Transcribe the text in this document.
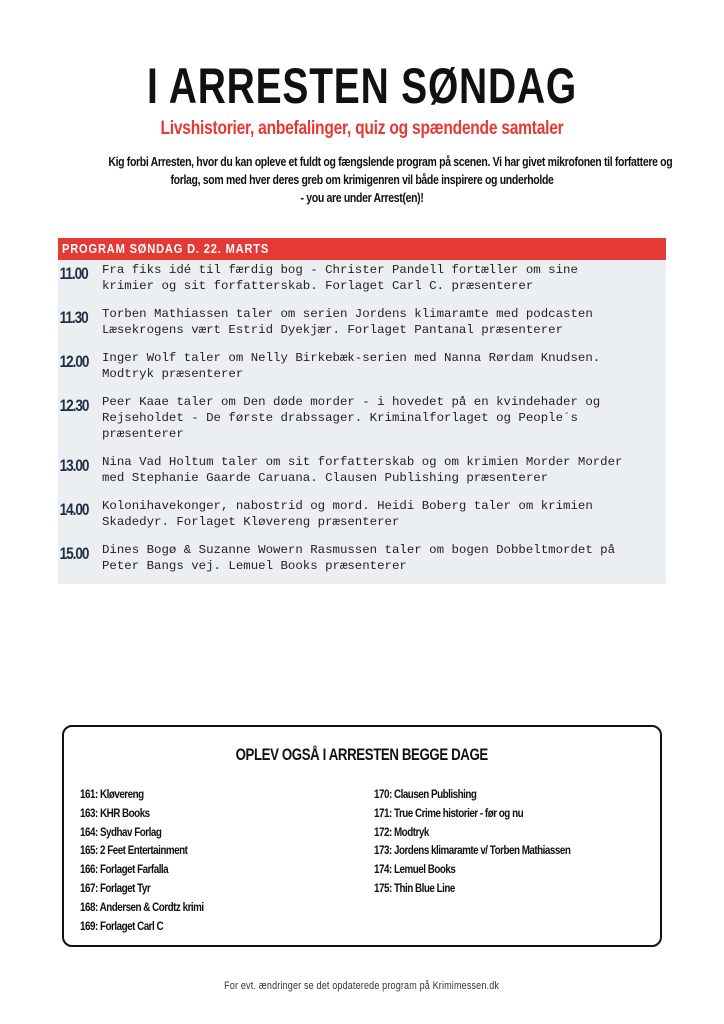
I ARRESTEN SØNDAG
Livshistorier, anbefalinger, quiz og spændende samtaler
Kig forbi Arresten, hvor du kan opleve et fuldt og fængslende program på scenen. Vi har givet mikrofonen til forfattere og
forlag, som med hver deres greb om krimigenren vil både inspirere og underholde
- you are under Arrest(en)!
PROGRAM SØNDAG D. 22. MARTS
11.00	Fra fiks idé til færdig bog - Christer Pandell fortæller om sine
krimier og sit forfatterskab. Forlaget Carl C. præsenterer
11.30	Torben Mathiassen taler om serien Jordens klimaramte med podcasten
Læsekrogens vært Estrid Dyekjær. Forlaget Pantanal præsenterer
12.00	Inger Wolf taler om Nelly Birkebæk-serien med Nanna Rørdam Knudsen.
Modtryk præsenterer
12.30	Peer Kaae taler om Den døde morder - i hovedet på en kvindehader og
Rejseholdet - De første drabssager. Kriminalforlaget og People´s
præsenterer
13.00	Nina Vad Holtum taler om sit forfatterskab og om krimien Morder Morder
med Stephanie Gaarde Caruana. Clausen Publishing præsenterer
14.00	Kolonihavekonger, nabostrid og mord. Heidi Boberg taler om krimien
Skadedyr. Forlaget Kløvereng præsenterer
15.00	Dines Bogø & Suzanne Wowern Rasmussen taler om bogen Dobbeltmordet på
Peter Bangs vej. Lemuel Books præsenterer
OPLEV OGSÅ I ARRESTEN BEGGE DAGE
161: Kløvereng
163: KHR Books
164: Sydhav Forlag
165: 2 Feet Entertainment
166: Forlaget Farfalla
167: Forlaget Tyr
168: Andersen & Cordtz krimi
169: Forlaget Carl C
170: Clausen Publishing
171: True Crime historier - før og nu
172: Modtryk
173: Jordens klimaramte v/ Torben Mathiassen
174: Lemuel Books
175: Thin Blue Line
For evt. ændringer se det opdaterede program på Krimimessen.dk
